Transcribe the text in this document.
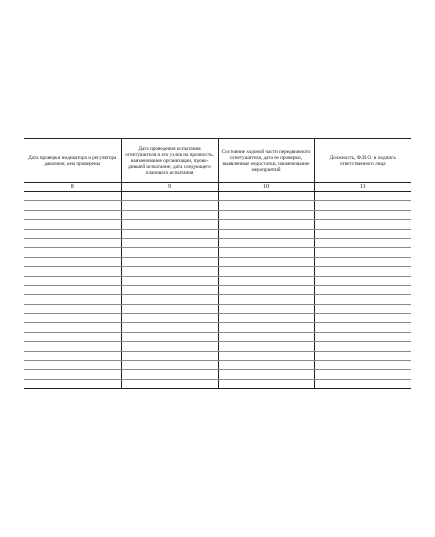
Дата проверки индикатора и регулятора давления, кем проверены	Дата проведения испытания огнетушителя и его узлов на прочность, наименование организации, прово-дившей испытание; дата следующего планового испытания	Состояние ходовой части передвижного огнетушителя, дата ее проверки, выявленные недостатки, наименование мероприятий	Должность, Ф.И.О. и подпись ответственного лица
8	9	10	11
